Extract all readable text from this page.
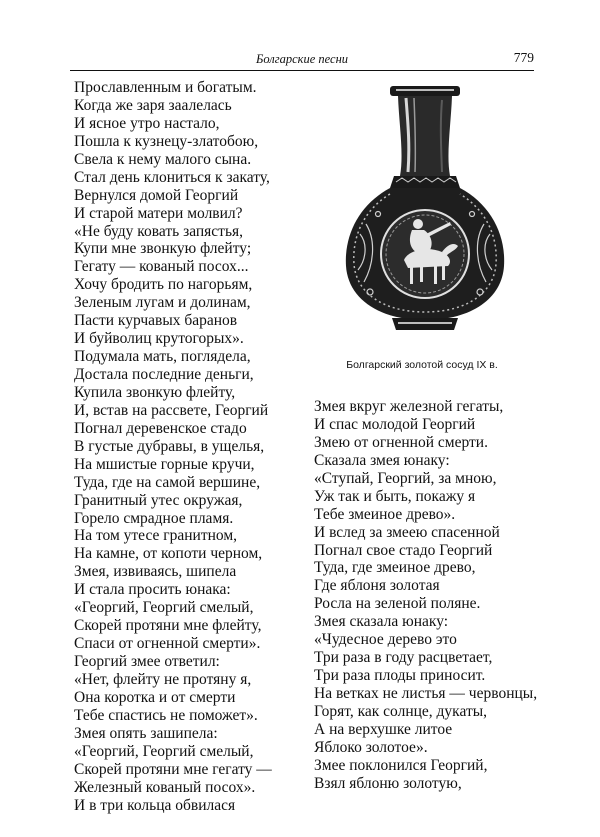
Болгарские песни	779
Прославленным и богатым.
Когда же заря заалелась
И ясное утро настало,
Пошла к кузнецу-златобою,
Свела к нему малого сына.
Стал день клониться к закату,
Вернулся домой Георгий
И старой матери молвил?
«Не буду ковать запястья,
Купи мне звонкую флейту;
Гегату — кованый посох...
Хочу бродить по нагорьям,
Зеленым лугам и долинам,
Пасти курчавых баранов
И буйволиц крутогорых».
Подумала мать, поглядела,
Достала последние деньги,
Купила звонкую флейту,
И, встав на рассвете, Георгий
Погнал деревенское стадо
В густые дубравы, в ущелья,
На мшистые горные кручи,
Туда, где на самой вершине,
Гранитный утес окружая,
Горело смрадное пламя.
На том утесе гранитном,
На камне, от копоти черном,
Змея, извиваясь, шипела
И стала просить юнака:
«Георгий, Георгий смелый,
Скорей протяни мне флейту,
Спаси от огненной смерти».
Георгий змее ответил:
«Нет, флейту не протяну я,
Она коротка и от смерти
Тебе спастись не поможет».
Змея опять зашипела:
«Георгий, Георгий смелый,
Скорей протяни мне гегату —
Железный кованый посох».
И в три кольца обвилася
Болгарский золотой сосуд IX в.
Змея вкруг железной гегаты,
И спас молодой Георгий
Змею от огненной смерти.
Сказала змея юнаку:
«Ступай, Георгий, за мною,
Уж так и быть, покажу я
Тебе змеиное древо».
И вслед за змеею спасенной
Погнал свое стадо Георгий
Туда, где змеиное древо,
Где яблоня золотая
Росла на зеленой поляне.
Змея сказала юнаку:
«Чудесное дерево это
Три раза в году расцветает,
Три раза плоды приносит.
На ветках не листья — червонцы,
Горят, как солнце, дукаты,
А на верхушке литое
Яблоко золотое».
Змее поклонился Георгий,
Взял яблоню золотую,
